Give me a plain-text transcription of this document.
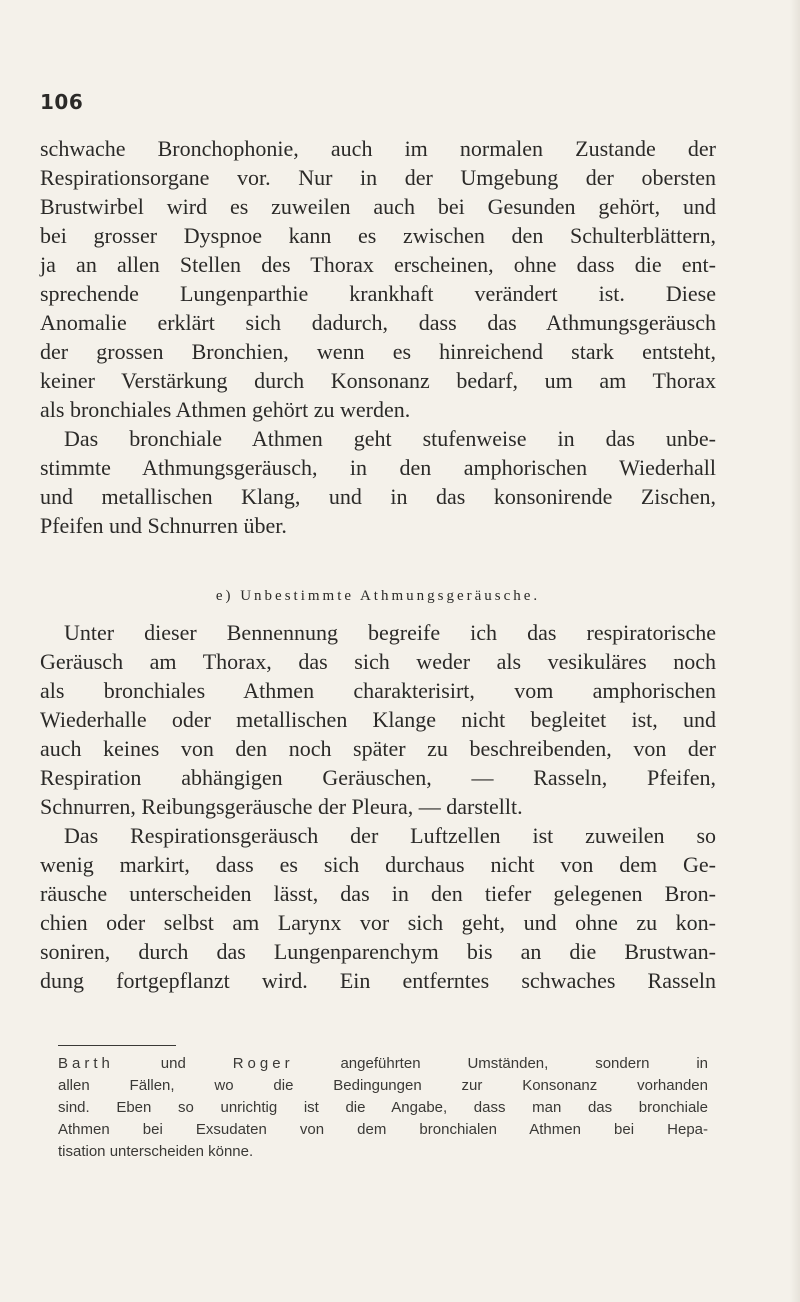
106
schwache Bronchophonie, auch im normalen Zustande der
Respirationsorgane vor. Nur in der Umgebung der obersten
Brustwirbel wird es zuweilen auch bei Gesunden gehört, und
bei grosser Dyspnoe kann es zwischen den Schulterblättern,
ja an allen Stellen des Thorax erscheinen, ohne dass die ent-
sprechende Lungenparthie krankhaft verändert ist. Diese
Anomalie erklärt sich dadurch, dass das Athmungsgeräusch
der grossen Bronchien, wenn es hinreichend stark entsteht,
keiner Verstärkung durch Konsonanz bedarf, um am Thorax
als bronchiales Athmen gehört zu werden.
Das bronchiale Athmen geht stufenweise in das unbe-
stimmte Athmungsgeräusch, in den amphorischen Wiederhall
und metallischen Klang, und in das konsonirende Zischen,
Pfeifen und Schnurren über.
e) Unbestimmte Athmungsgeräusche.
Unter dieser Bennennung begreife ich das respiratorische
Geräusch am Thorax, das sich weder als vesikuläres noch
als bronchiales Athmen charakterisirt, vom amphorischen
Wiederhalle oder metallischen Klange nicht begleitet ist, und
auch keines von den noch später zu beschreibenden, von der
Respiration abhängigen Geräuschen, — Rasseln, Pfeifen,
Schnurren, Reibungsgeräusche der Pleura, — darstellt.
Das Respirationsgeräusch der Luftzellen ist zuweilen so
wenig markirt, dass es sich durchaus nicht von dem Ge-
räusche unterscheiden lässt, das in den tiefer gelegenen Bron-
chien oder selbst am Larynx vor sich geht, und ohne zu kon-
soniren, durch das Lungenparenchym bis an die Brustwan-
dung fortgepflanzt wird. Ein entferntes schwaches Rasseln
Barth	und	Roger	angeführten Umständen, sondern in
allen Fällen, wo die Bedingungen zur Konsonanz vorhanden
sind. Eben so unrichtig ist die Angabe, dass man das bronchiale
Athmen bei Exsudaten von dem bronchialen Athmen bei Hepa-
tisation unterscheiden könne.
